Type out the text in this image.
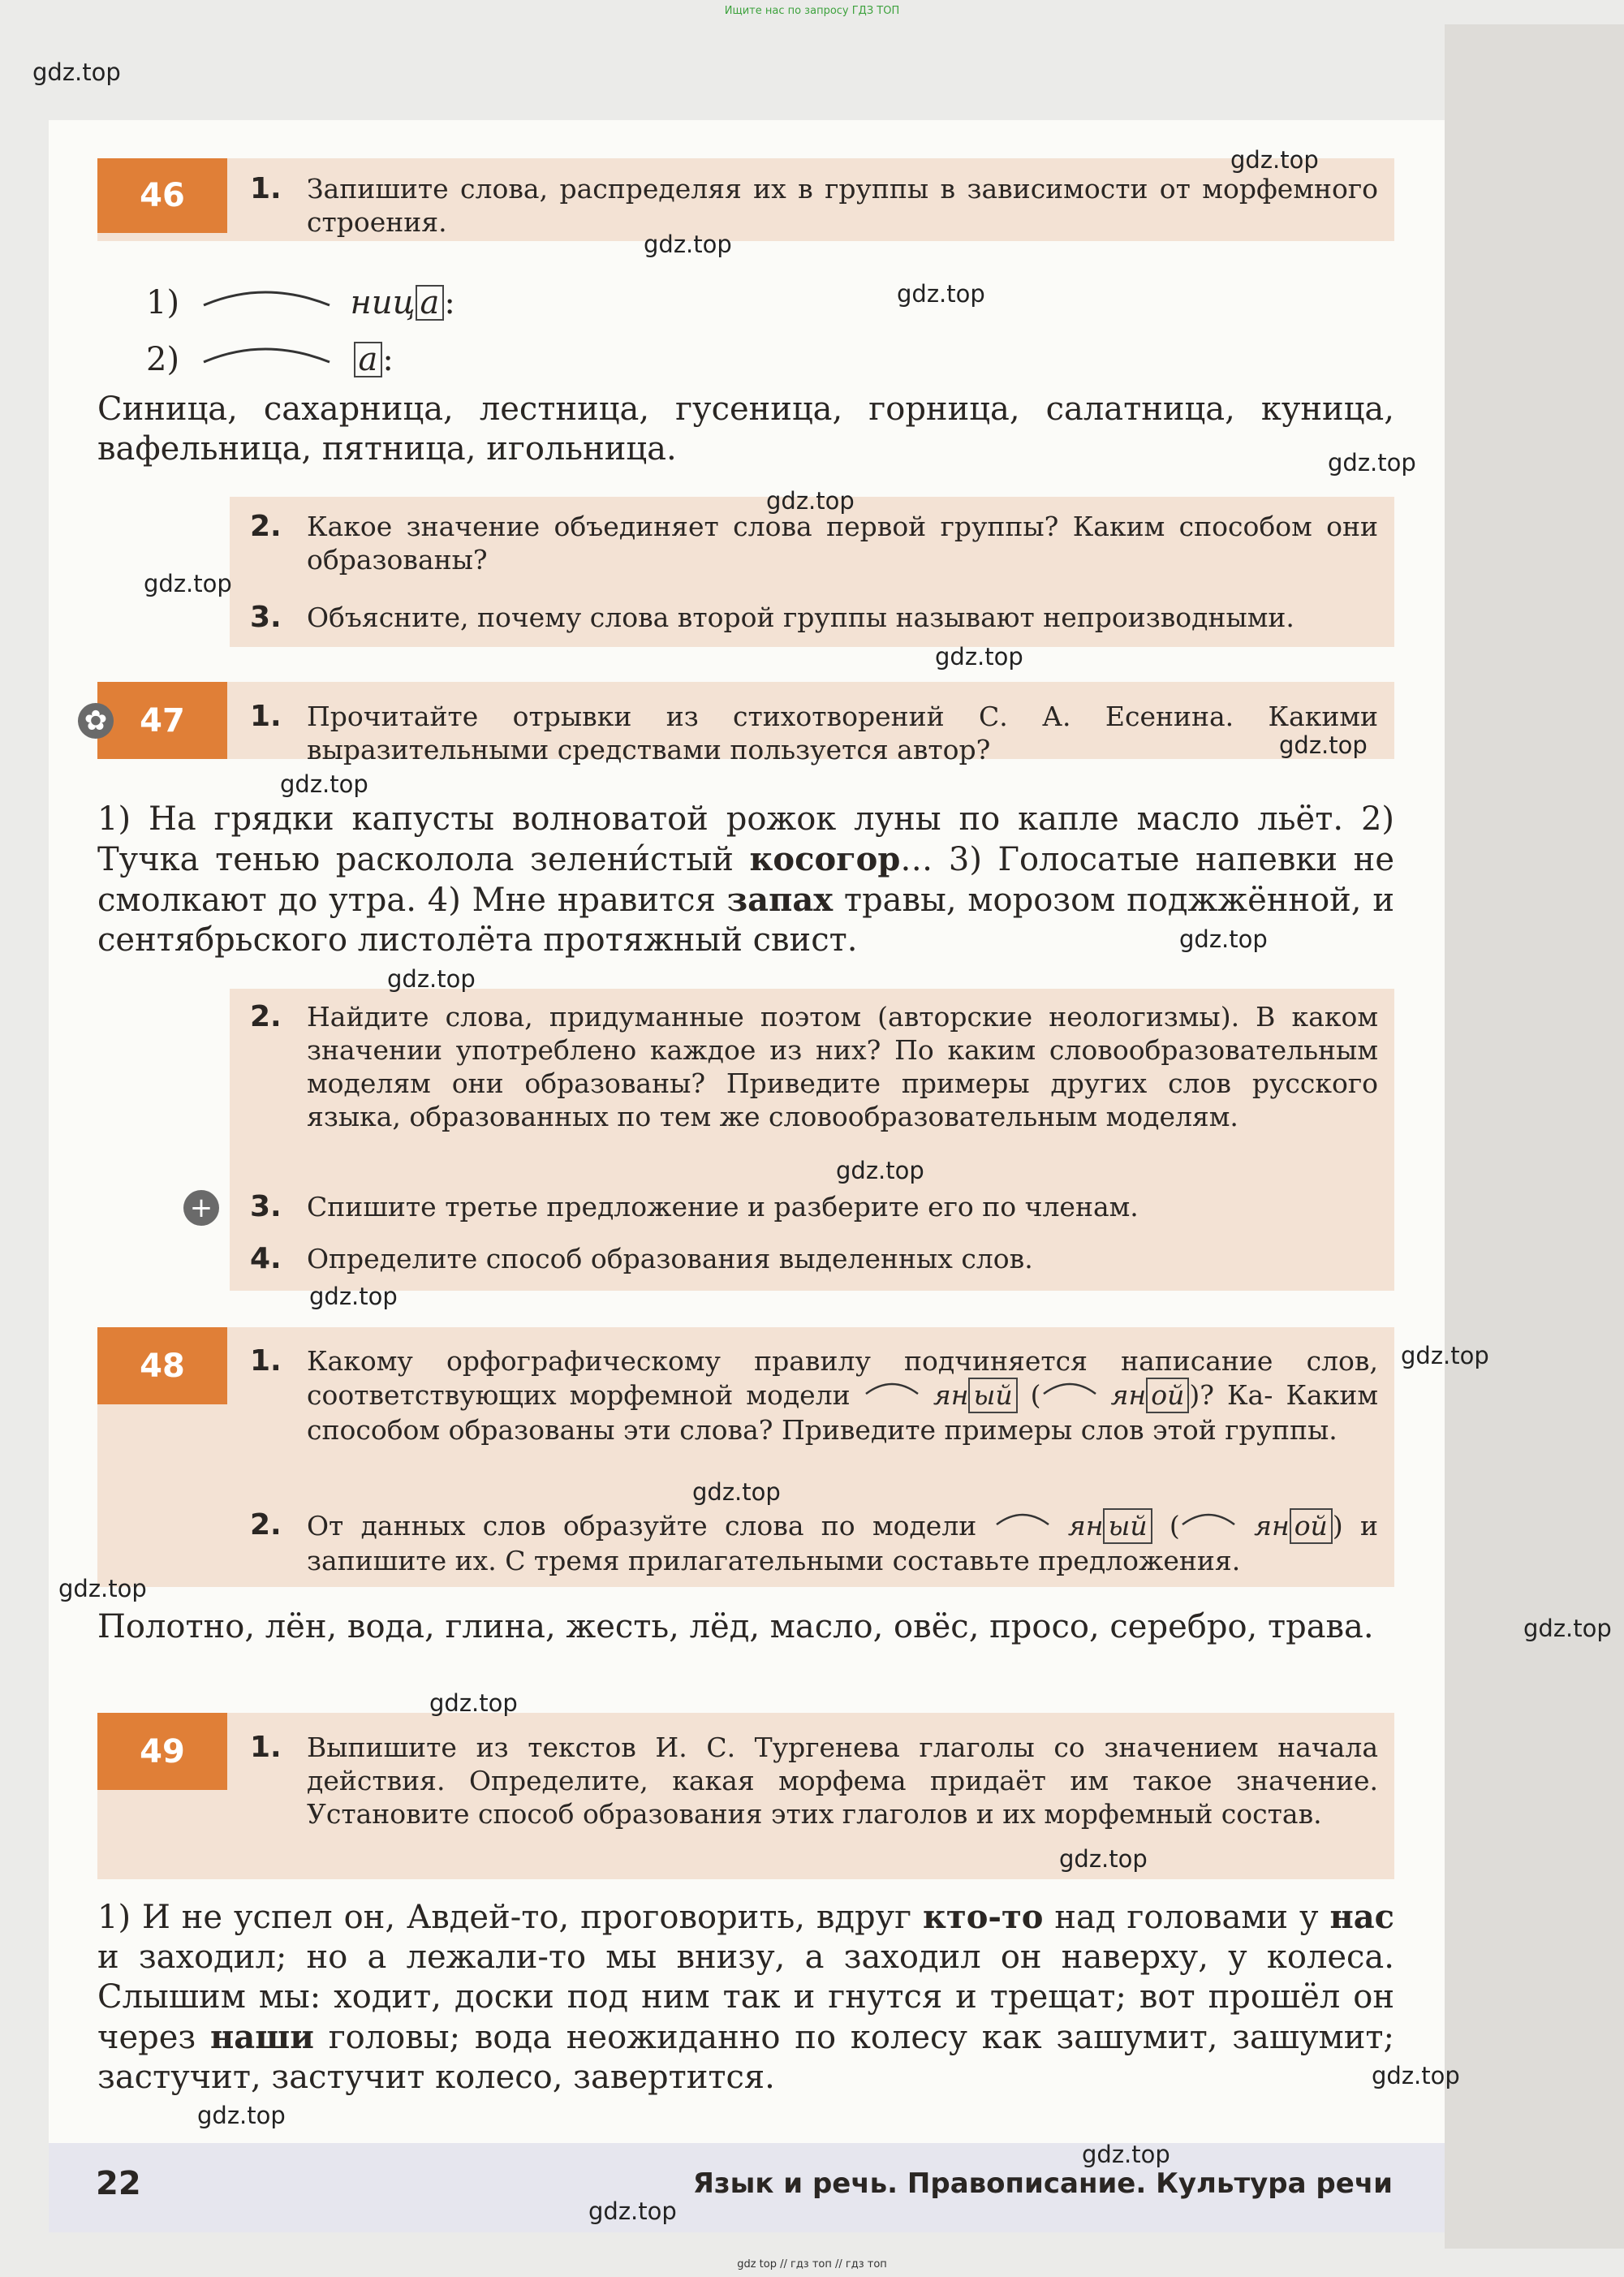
Ищите нас по запросу ГДЗ ТОП
46	1. Запишите слова, распределяя их в группы в зависимости от морфемного строения.
1)	ниц а :
2)	а :
Синица, сахарница, лестница, гусеница, горница, салатница, куница, вафельница, пятница, игольница.
2. Какое значение объединяет слова первой группы? Каким способом они образованы?
3. Объясните, почему слова второй группы называют непроизводными.
47
✿	1. Прочитайте отрывки из стихотворений С. А. Есенина. Какими выразительными средствами пользуется автор?
1) На грядки капусты волноватой рожок луны по капле масло льёт. 2) Тучка тенью расколола зелени́стый косогор… 3) Голосатые напевки не смолкают до утра. 4) Мне нравится запах травы, морозом поджжённой, и сентябрьского листолёта протяжный свист.
2. Найдите слова, придуманные поэтом (авторские неологизмы). В каком значении употреблено каждое из них? По каким словообразовательным моделям они образованы? Приведите примеры других слов русского языка, образованных по тем же словообразовательным моделям.
+ 3. Спишите третье предложение и разберите его по членам.
4. Определите способ образования выделенных слов.
48	1. Какому орфографическому правилу подчиняется написание слов, соответствующих морфемной модели	ян ый (	ян ой )? Ка- Каким способом образованы эти слова? Приведите примеры слов этой группы.
2. От данных слов образуйте слова по модели	ян ый (	ян ой ) и запишите их. С тремя прилагательными составьте предложения.
Полотно, лён, вода, глина, жесть, лёд, масло, овёс, просо, серебро, трава.
49	1. Выпишите из текстов И. С. Тургенева глаголы со значением начала действия. Определите, какая морфема придаёт им такое значение. Установите способ образования этих глаголов и их морфемный состав.
1) И не успел он, Авдей-то, проговорить, вдруг кто-то над головами у нас и заходил; но а лежали-то мы внизу, а заходил он наверху, у колеса. Слышим мы: ходит, доски под ним так и гнутся и трещат; вот прошёл он через наши головы; вода неожиданно по колесу как зашумит, зашумит; застучит, застучит колесо, завертится.
22	Язык и речь. Правописание. Культура речи
gdz.top
gdz.top
gdz.top
gdz.top
gdz.top
gdz.top
gdz.top
gdz.top
gdz.top
gdz.top
gdz.top
gdz.top
gdz.top
gdz.top
gdz.top
gdz.top
gdz.top
gdz.top
gdz.top
gdz.top
gdz.top
gdz.top
gdz.top
gdz.top
gdz top // гдз топ // гдз топ
